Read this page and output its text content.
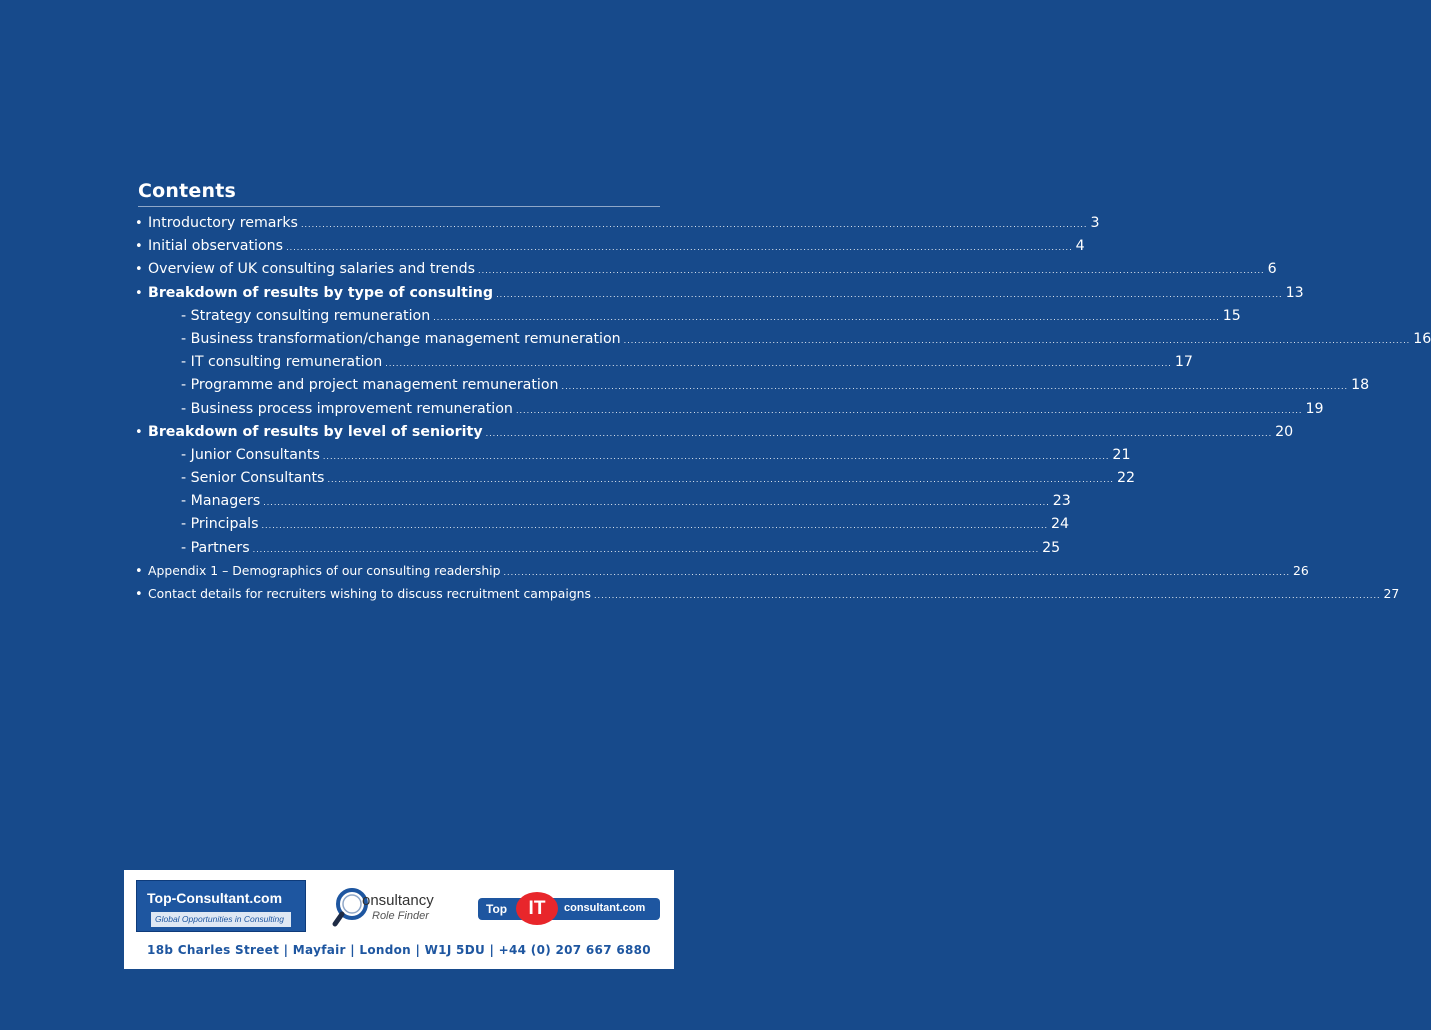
Contents
• Introductory remarks .....	3
• Initial observations .....	4
• Overview of UK consulting salaries and trends .....	6
• Breakdown of results by type of consulting .....	13
- Strategy consulting remuneration .....	15
- Business transformation/change management remuneration .....	16
- IT consulting remuneration .....	17
- Programme and project management remuneration .....	18
- Business process improvement remuneration .....	19
• Breakdown of results by level of seniority .....	20
- Junior Consultants .....	21
- Senior Consultants .....	22
- Managers .....	23
- Principals .....	24
- Partners .....	25
• Appendix 1 – Demographics of our consulting readership .....	26
• Contact details for recruiters wishing to discuss recruitment campaigns .....	27
Top-Consultant.com
Global Opportunities in Consulting
onsultancy
Role Finder	Top	IT	consultant.com
18b Charles Street | Mayfair | London | W1J 5DU | +44 (0) 207 667 6880
